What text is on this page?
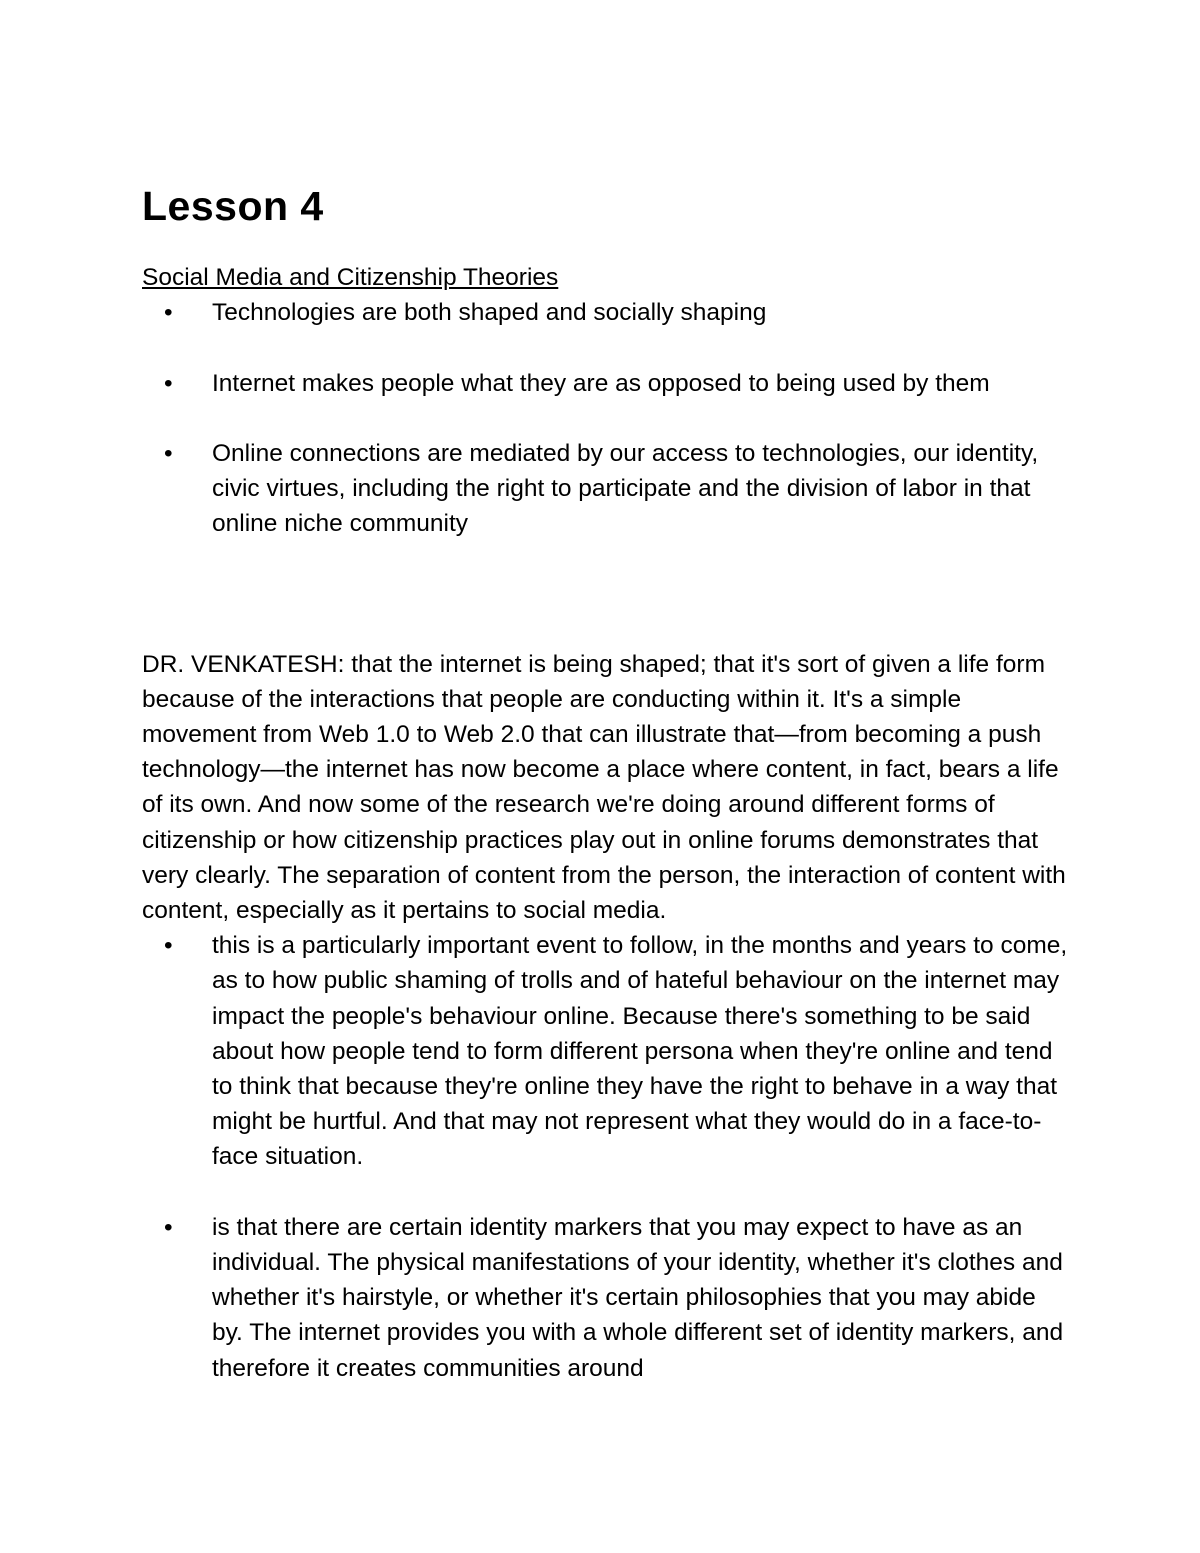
Lesson 4
Social Media and Citizenship Theories
• Technologies are both shaped and socially shaping
• Internet makes people what they are as opposed to being used by them
• Online connections are mediated by our access to technologies, our identity, civic virtues, including the right to participate and the division of labor in that online niche community
DR. VENKATESH: that the internet is being shaped; that it's sort of given a life form because of the interactions that people are conducting within it. It's a simple movement from Web 1.0 to Web 2.0 that can illustrate that—from becoming a push technology—the internet has now become a place where content, in fact, bears a life of its own. And now some of the research we're doing around different forms of citizenship or how citizenship practices play out in online forums demonstrates that very clearly. The separation of content from the person, the interaction of content with content, especially as it pertains to social media.
• this is a particularly important event to follow, in the months and years to come, as to how public shaming of trolls and of hateful behaviour on the internet may impact the people's behaviour online. Because there's something to be said about how people tend to form different persona when they're online and tend to think that because they're online they have the right to behave in a way that might be hurtful. And that may not represent what they would do in a face-to-face situation.
• is that there are certain identity markers that you may expect to have as an individual. The physical manifestations of your identity, whether it's clothes and whether it's hairstyle, or whether it's certain philosophies that you may abide by. The internet provides you with a whole different set of identity markers, and therefore it creates communities around
